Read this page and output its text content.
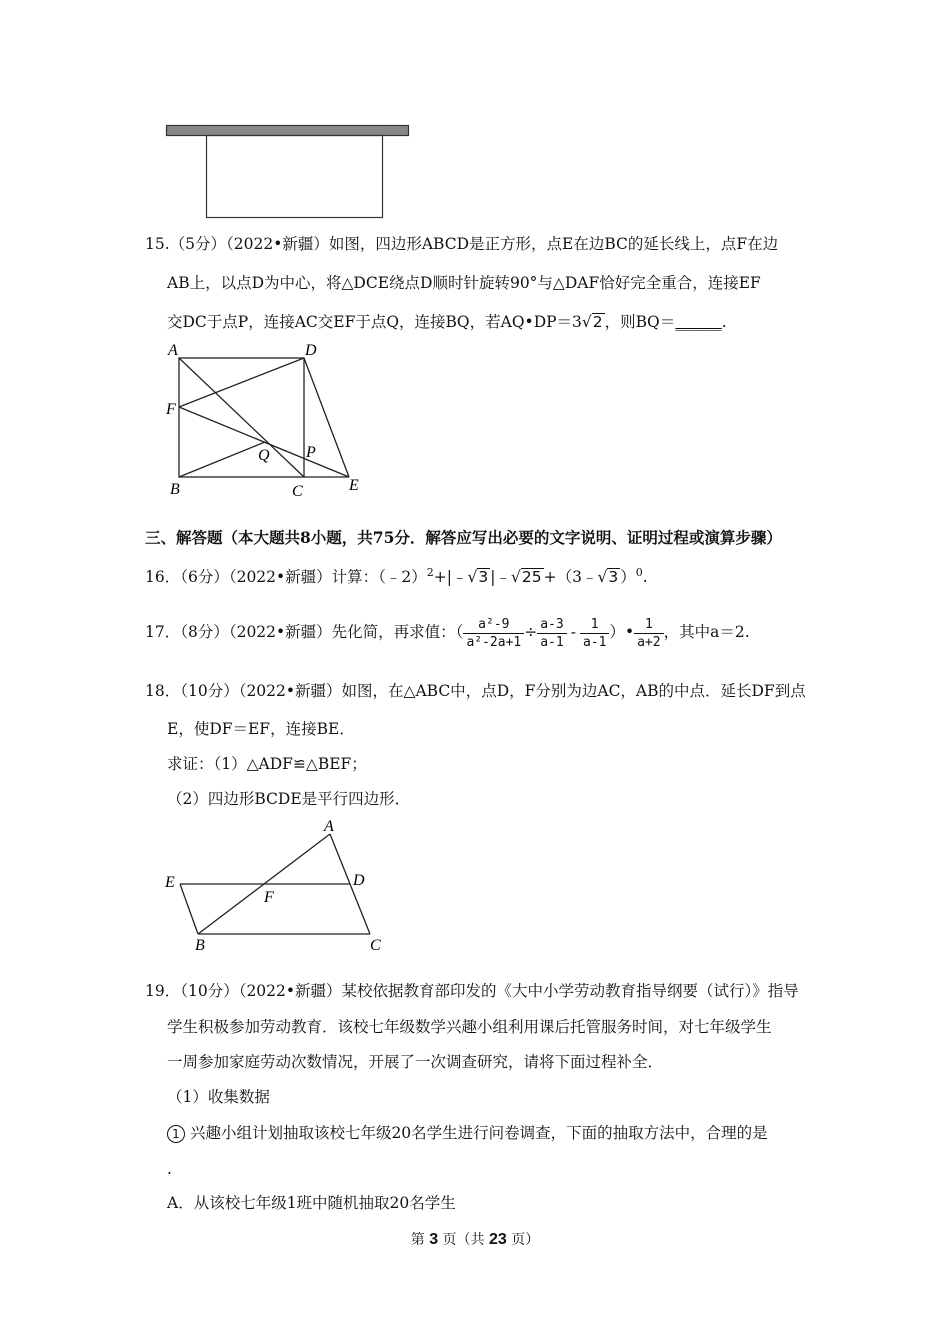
15.（5分）（2022•新疆）如图，四边形ABCD是正方形，点E在边BC的延长线上，点F在边
AB上，以点D为中心，将△DCE绕点D顺时针旋转90°与△DAF恰好完全重合，连接EF
交DC于点P，连接AC交EF于点Q，连接BQ，若AQ•DP＝3√2 ，则BQ＝______.
A	D
F
Q P
B	C	E
三、解答题（本大题共8小题，共75分．解答应写出必要的文字说明、证明过程或演算步骤）
16．（6分）（2022•新疆）计算：（﹣2）$^2$+|﹣√3 |﹣√25 +（3﹣√3 ）$^0$.
17．（8分）（2022•新疆）先化简，再求值：（ $\frac{\text{a²-9}}{\text{a²-2a+1}} \div \frac{a-3}{a-1} - \frac{1}{a-1}$ ）• $\frac{1}{a+2}$ ，其中a＝2.
18．（10分）（2022•新疆）如图，在△ABC中，点D，F分别为边AC，AB的中点．延长DF到点
E，使DF＝EF，连接BE．
求证：（1）△ADF≌△BEF；
（2）四边形BCDE是平行四边形．
A
E	D
F
B	C
19．（10分）（2022•新疆）某校依据教育部印发的《大中小学劳动教育指导纲要（试行）》指导
学生积极参加劳动教育．该校七年级数学兴趣小组利用课后托管服务时间，对七年级学生
一周参加家庭劳动次数情况，开展了一次调查研究，请将下面过程补全．
（1）收集数据
1 兴趣小组计划抽取该校七年级20名学生进行问卷调查，下面的抽取方法中，合理的是
.
A．从该校七年级1班中随机抽取20名学生
第 3 页（共 23 页）
